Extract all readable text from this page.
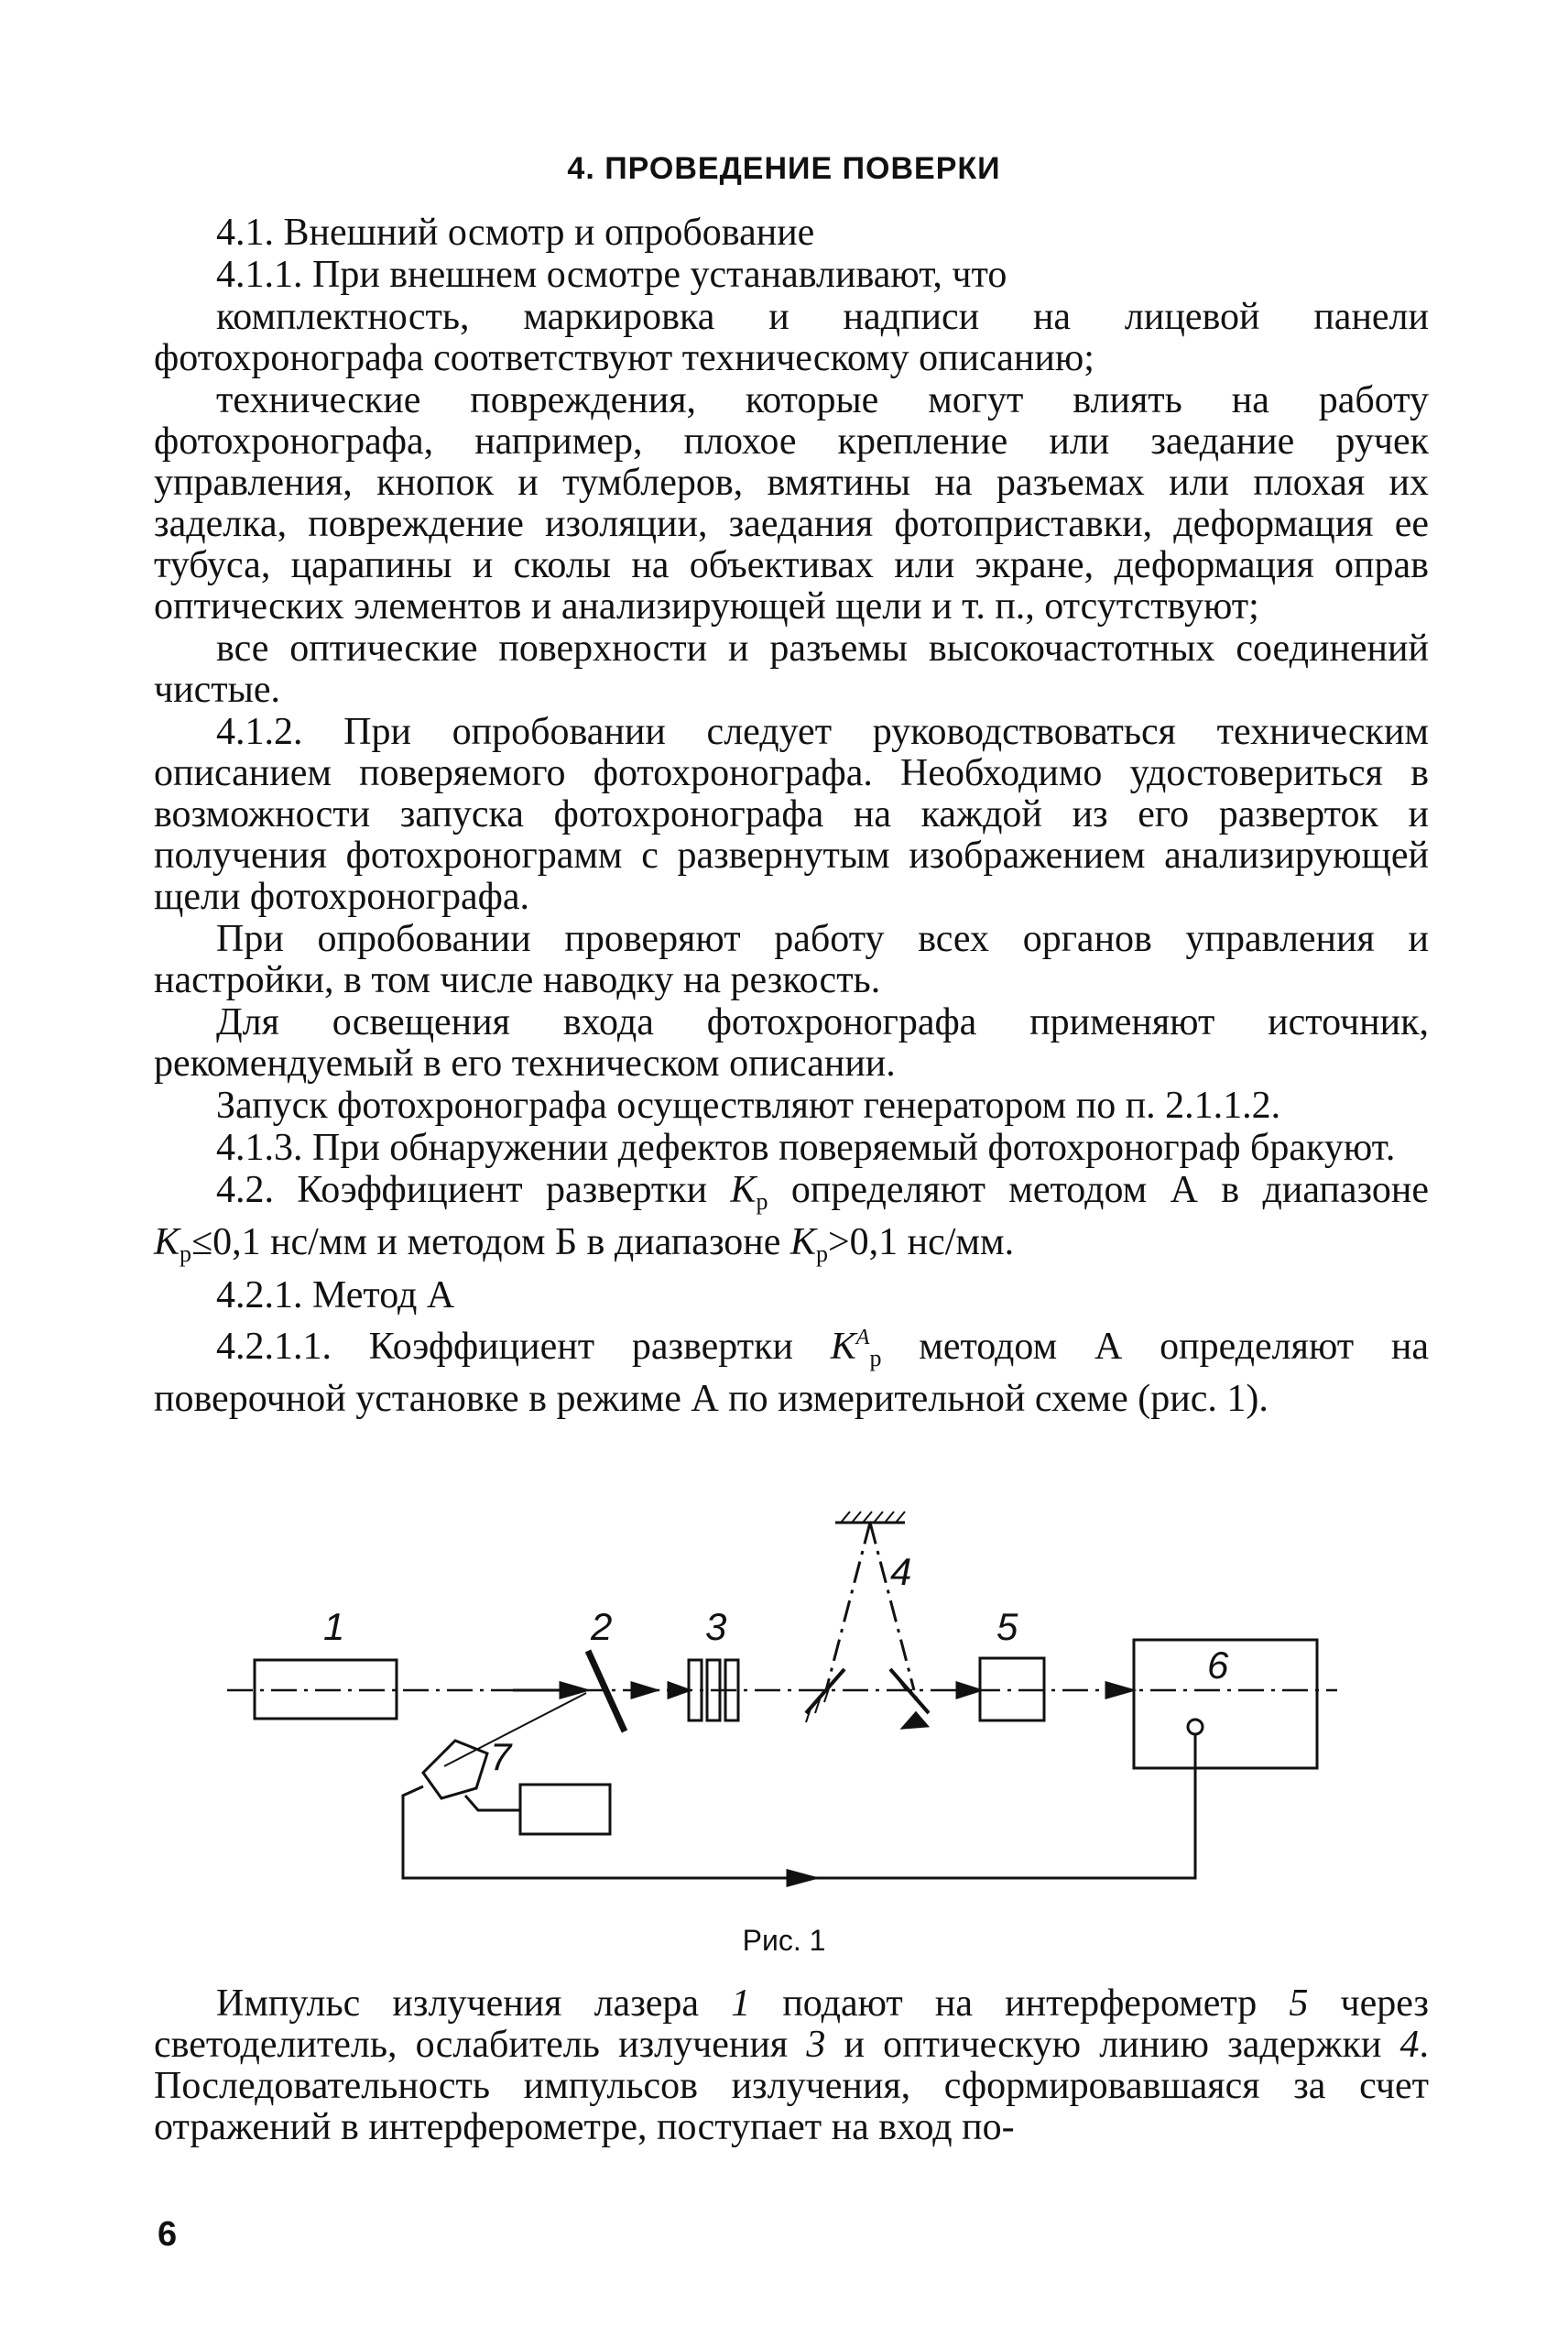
4. ПРОВЕДЕНИЕ ПОВЕРКИ

4.1. Внешний осмотр и опробование

4.1.1. При внешнем осмотре устанавливают, что

комплектность, маркировка и надписи на лицевой панели фотохронографа соответствуют техническому описанию;

технические повреждения, которые могут влиять на работу фотохронографа, например, плохое крепление или заедание ручек управления, кнопок и тумблеров, вмятины на разъемах или плохая их заделка, повреждение изоляции, заедания фотоприставки, деформация ее тубуса, царапины и сколы на объективах или экране, деформация оправ оптических элементов и анализирующей щели и т. п., отсутствуют;

все оптические поверхности и разъемы высокочастотных соединений чистые.

4.1.2. При опробовании следует руководствоваться техническим описанием поверяемого фотохронографа. Необходимо удостовериться в возможности запуска фотохронографа на каждой из его разверток и получения фотохронограмм с развернутым изображением анализирующей щели фотохронографа.

При опробовании проверяют работу всех органов управления и настройки, в том числе наводку на резкость.

Для освещения входа фотохронографа применяют источник, рекомендуемый в его техническом описании.

Запуск фотохронографа осуществляют генератором по п. 2.1.1.2.

4.1.3. При обнаружении дефектов поверяемый фотохронограф бракуют.

4.2. Коэффициент развертки $K_р$ определяют методом А в диапазоне $K_р\le 0,1$ нс/мм и методом Б в диапазоне $K_р>0,1$ нс/мм.

4.2.1. Метод А

4.2.1.1. Коэффициент развертки $K^A_р$ методом А определяют на поверочной установке в режиме А по измерительной схеме (рис. 1).

1	2 3
4
5
6
7
Рис. 1

Импульс излучения лазера 1 подают на интерферометр 5 через светоделитель, ослабитель излучения 3 и оптическую линию задержки 4. Последовательность импульсов излучения, сформировавшаяся за счет отражений в интерферометре, поступает на вход по-

6
